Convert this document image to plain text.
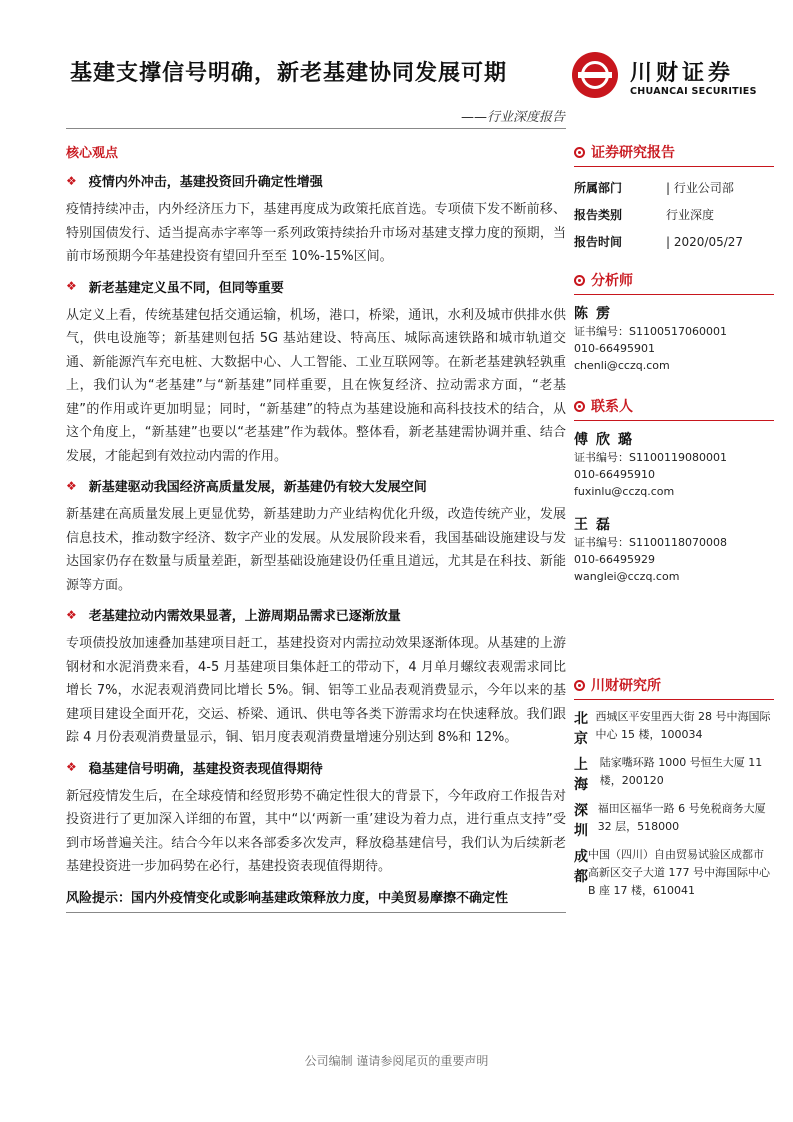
基建支撑信号明确，新老基建协同发展可期	川财证券
CHUANCAI SECURITIES
——行业深度报告
核心观点
❖ 疫情内外冲击，基建投资回升确定性增强

疫情持续冲击，内外经济压力下，基建再度成为政策托底首选。专项债下发不断前移、特别国债发行、适当提高赤字率等一系列政策持续抬升市场对基建支撑力度的预期，当前市场预期今年基建投资有望回升至至 10%-15%区间。

❖ 新老基建定义虽不同，但同等重要

从定义上看，传统基建包括交通运输，机场，港口，桥梁，通讯，水利及城市供排水供气，供电设施等；新基建则包括 5G 基站建设、特高压、城际高速铁路和城市轨道交通、新能源汽车充电桩、大数据中心、人工智能、工业互联网等。在新老基建孰轻孰重上，我们认为“老基建”与“新基建”同样重要，且在恢复经济、拉动需求方面，“老基建”的作用或许更加明显；同时，“新基建”的特点为基建设施和高科技技术的结合，从这个角度上，“新基建”也要以“老基建”作为载体。整体看，新老基建需协调并重、结合发展，才能起到有效拉动内需的作用。

❖ 新基建驱动我国经济高质量发展，新基建仍有较大发展空间

新基建在高质量发展上更显优势，新基建助力产业结构优化升级，改造传统产业，发展信息技术，推动数字经济、数字产业的发展。从发展阶段来看，我国基础设施建设与发达国家仍存在数量与质量差距，新型基础设施建设仍任重且道远，尤其是在科技、新能源等方面。

❖ 老基建拉动内需效果显著，上游周期品需求已逐渐放量

专项债投放加速叠加基建项目赶工，基建投资对内需拉动效果逐渐体现。从基建的上游钢材和水泥消费来看，4-5 月基建项目集体赶工的带动下，4 月单月螺纹表观需求同比增长 7%，水泥表观消费同比增长 5%。铜、铝等工业品表观消费显示，今年以来的基建项目建设全面开花，交运、桥梁、通讯、供电等各类下游需求均在快速释放。我们跟踪 4 月份表观消费量显示，铜、铝月度表观消费量增速分别达到 8%和 12%。

❖ 稳基建信号明确，基建投资表现值得期待

新冠疫情发生后，在全球疫情和经贸形势不确定性很大的背景下，今年政府工作报告对投资进行了更加深入详细的布置，其中“以‘两新一重’建设为着力点，进行重点支持”受到市场普遍关注。结合今年以来各部委多次发声，释放稳基建信号，我们认为后续新老基建投资进一步加码势在必行，基建投资表现值得期待。

风险提示：国内外疫情变化或影响基建政策释放力度，中美贸易摩擦不确定性
证券研究报告
所属部门	| 行业公司部
报告类别	行业深度
报告时间	| 2020/05/27
分析师
陈雳
证书编号：S1100517060001
010-66495901
chenli@cczq.com
联系人
傅欣璐
证书编号：S1100119080001
010-66495910
fuxinlu@cczq.com
王磊
证书编号：S1100118070008
010-66495929
wanglei@cczq.com
川财研究所
北京
西城区平安里西大街 28 号中海国际中心 15 楼，100034
上海
陆家嘴环路 1000 号恒生大厦 11 楼，200120
深圳
福田区福华一路 6 号免税商务大厦 32 层，518000
成都
中国（四川）自由贸易试验区成都市高新区交子大道 177 号中海国际中心 B 座 17 楼，610041
公司编制 谨请参阅尾页的重要声明
